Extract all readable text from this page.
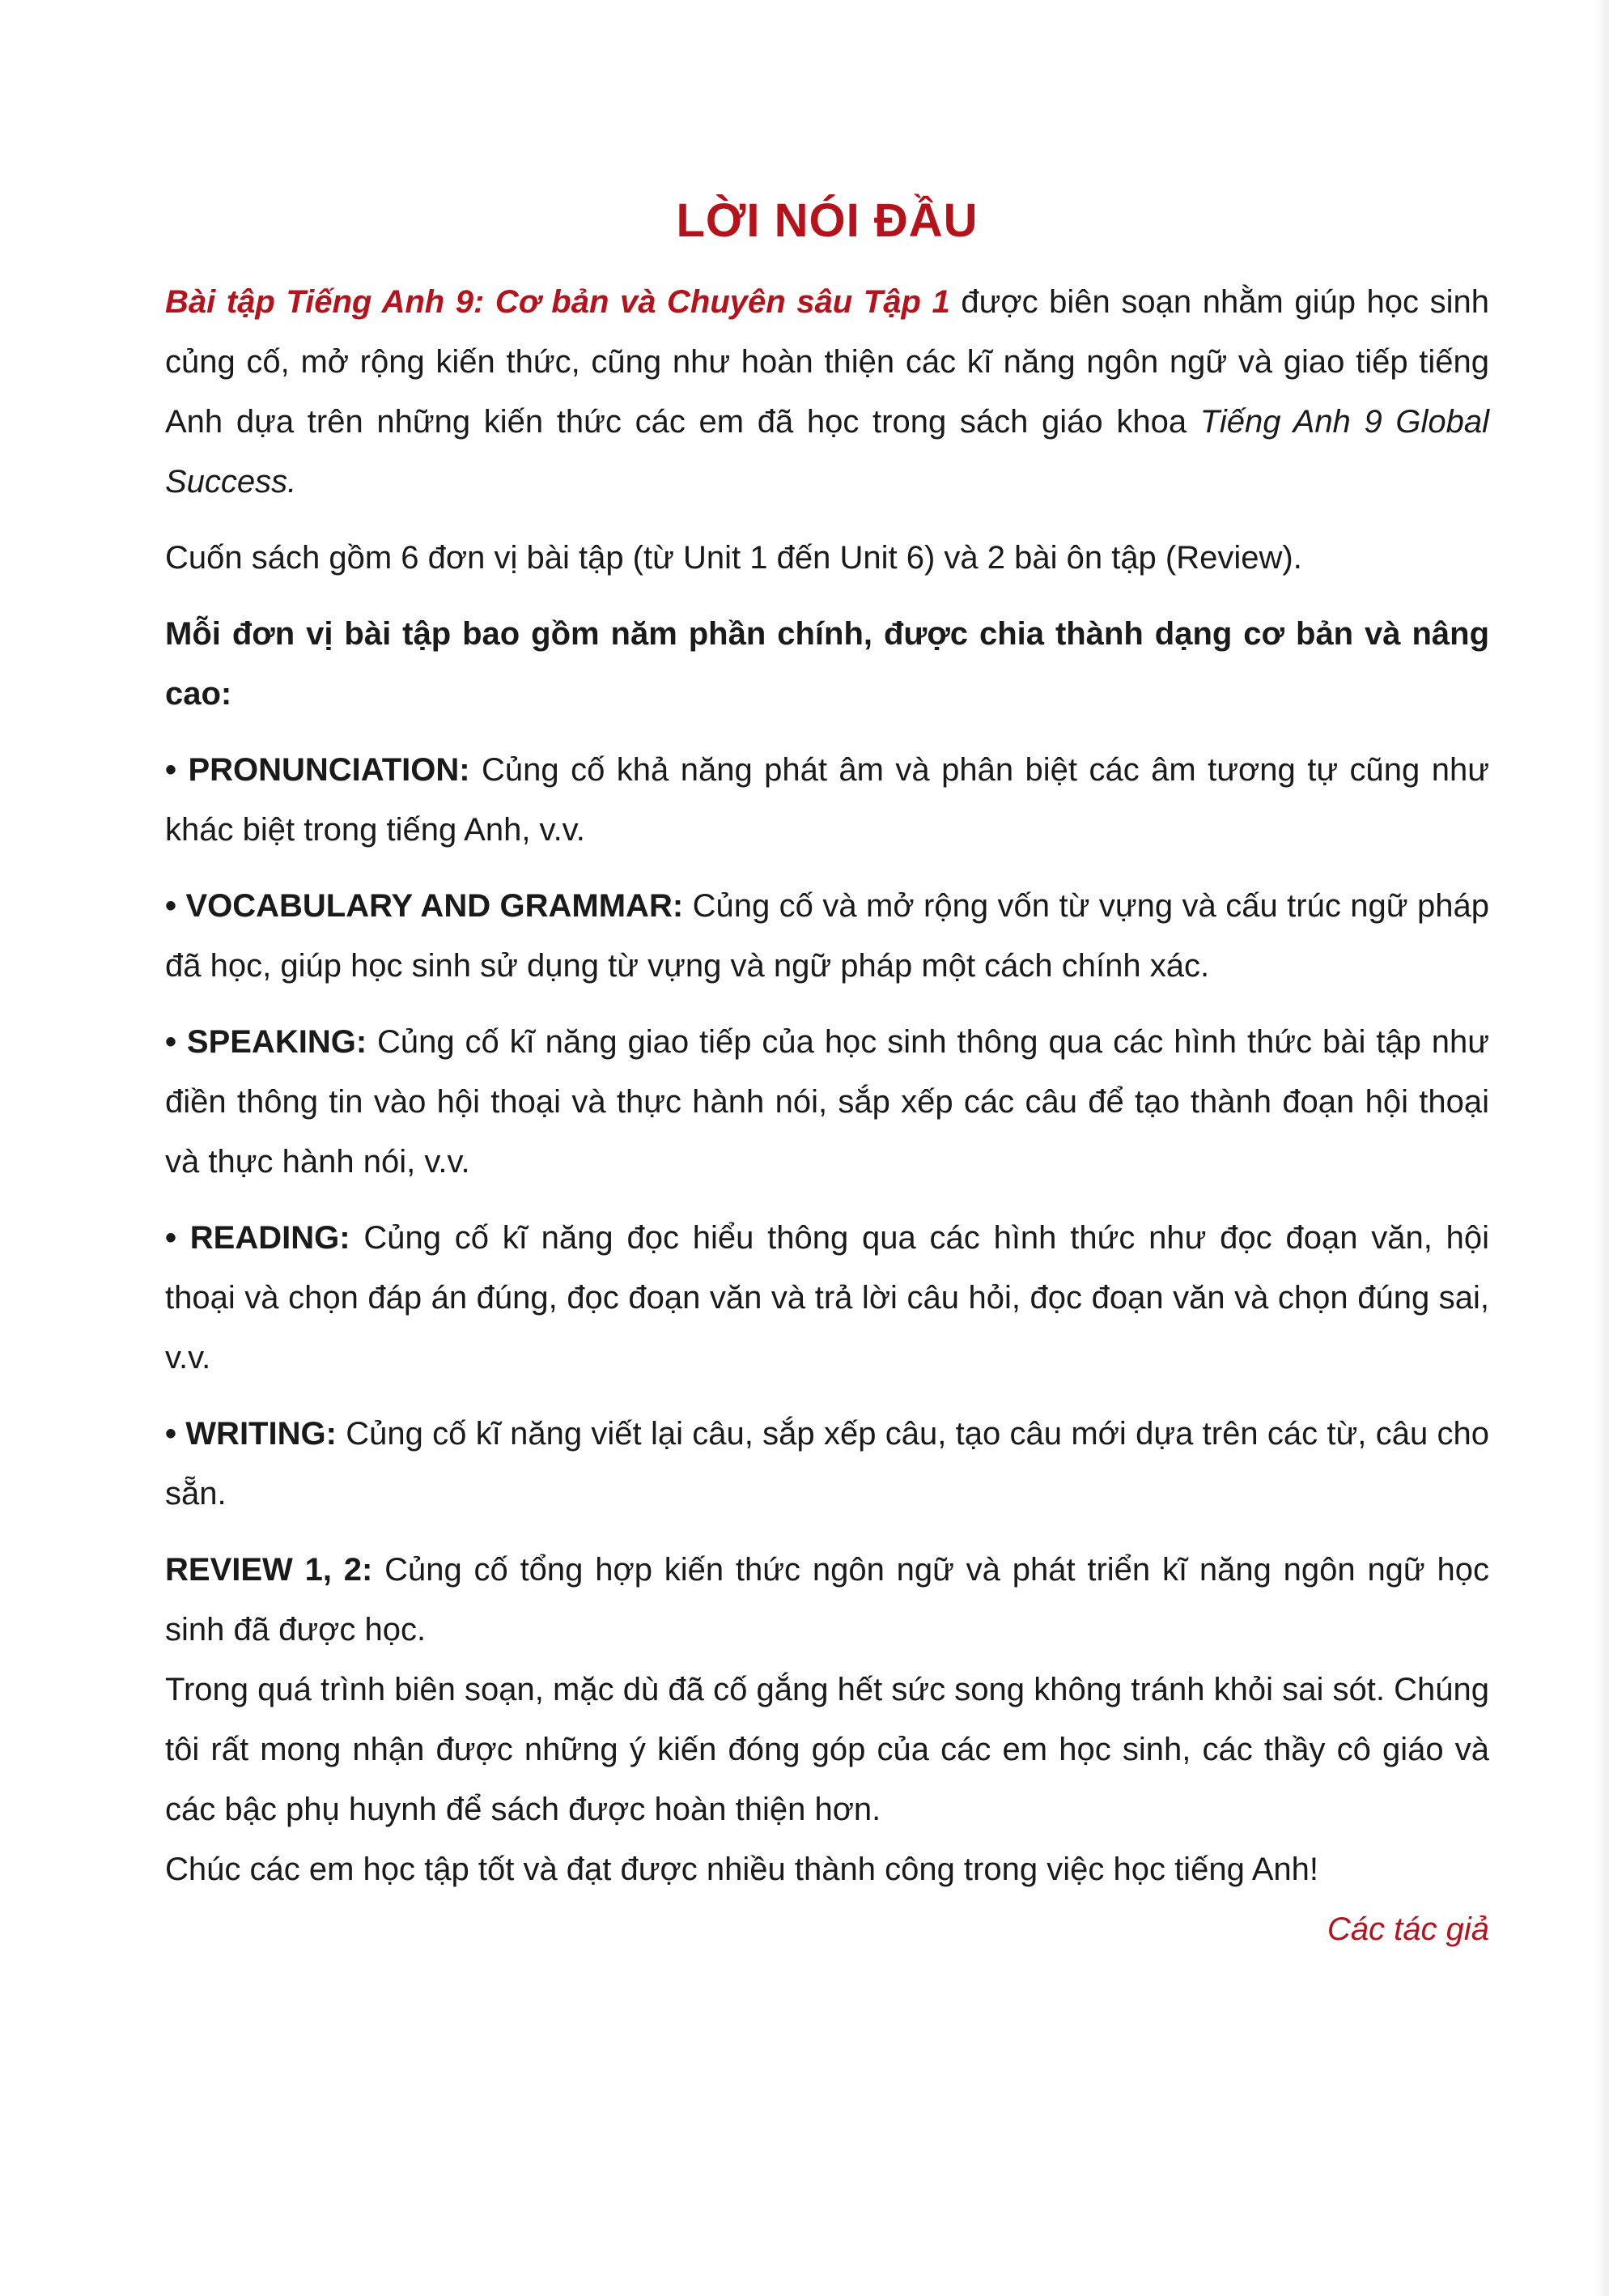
LỜI NÓI ĐẦU

Bài tập Tiếng Anh 9: Cơ bản và Chuyên sâu Tập 1 được biên soạn nhằm giúp học sinh củng cố, mở rộng kiến thức, cũng như hoàn thiện các kĩ năng ngôn ngữ và giao tiếp tiếng Anh dựa trên những kiến thức các em đã học trong sách giáo khoa Tiếng Anh 9 Global Success.

Cuốn sách gồm 6 đơn vị bài tập (từ Unit 1 đến Unit 6) và 2 bài ôn tập (Review).

Mỗi đơn vị bài tập bao gồm năm phần chính, được chia thành dạng cơ bản và nâng cao:

• PRONUNCIATION: Củng cố khả năng phát âm và phân biệt các âm tương tự cũng như khác biệt trong tiếng Anh, v.v.

• VOCABULARY AND GRAMMAR: Củng cố và mở rộng vốn từ vựng và cấu trúc ngữ pháp đã học, giúp học sinh sử dụng từ vựng và ngữ pháp một cách chính xác.

• SPEAKING: Củng cố kĩ năng giao tiếp của học sinh thông qua các hình thức bài tập như điền thông tin vào hội thoại và thực hành nói, sắp xếp các câu để tạo thành đoạn hội thoại và thực hành nói, v.v.

• READING: Củng cố kĩ năng đọc hiểu thông qua các hình thức như đọc đoạn văn, hội thoại và chọn đáp án đúng, đọc đoạn văn và trả lời câu hỏi, đọc đoạn văn và chọn đúng sai, v.v.

• WRITING: Củng cố kĩ năng viết lại câu, sắp xếp câu, tạo câu mới dựa trên các từ, câu cho sẵn.

REVIEW 1, 2: Củng cố tổng hợp kiến thức ngôn ngữ và phát triển kĩ năng ngôn ngữ học sinh đã được học.

Trong quá trình biên soạn, mặc dù đã cố gắng hết sức song không tránh khỏi sai sót. Chúng tôi rất mong nhận được những ý kiến đóng góp của các em học sinh, các thầy cô giáo và các bậc phụ huynh để sách được hoàn thiện hơn.

Chúc các em học tập tốt và đạt được nhiều thành công trong việc học tiếng Anh!

Các tác giả
